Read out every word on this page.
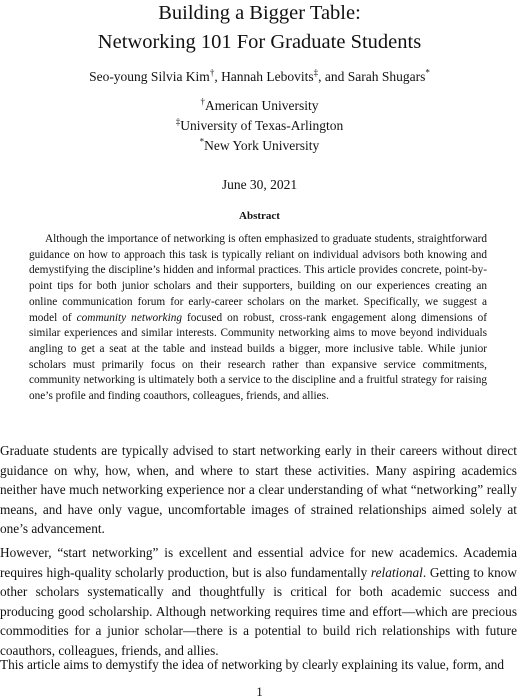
Building a Bigger Table:
Networking 101 For Graduate Students
Seo-young Silvia Kim†, Hannah Lebovits‡, and Sarah Shugars*
†American University
‡University of Texas-Arlington
*New York University
June 30, 2021
Abstract

Although the importance of networking is often emphasized to graduate students, straightforward guidance on how to approach this task is typically reliant on individual advisors both knowing and demystifying the discipline’s hidden and informal practices. This article provides concrete, point-by-point tips for both junior scholars and their supporters, building on our experiences creating an online communication forum for early-career scholars on the market. Specifically, we suggest a model of community networking focused on robust, cross-rank engagement along dimensions of similar experiences and similar interests. Community networking aims to move beyond individuals angling to get a seat at the table and instead builds a bigger, more inclusive table. While junior scholars must primarily focus on their research rather than expansive service commitments, community networking is ultimately both a service to the discipline and a fruitful strategy for raising one’s profile and finding coauthors, colleagues, friends, and allies.

Graduate students are typically advised to start networking early in their careers without direct guidance on why, how, when, and where to start these activities. Many aspiring academics neither have much networking experience nor a clear understanding of what “networking” really means, and have only vague, uncomfortable images of strained relationships aimed solely at one’s advancement.

However, “start networking” is excellent and essential advice for new academics. Academia requires high-quality scholarly production, but is also fundamentally relational. Getting to know other scholars systematically and thoughtfully is critical for both academic success and producing good scholarship. Although networking requires time and effort—which are precious commodities for a junior scholar—there is a potential to build rich relationships with future coauthors, colleagues, friends, and allies.

This article aims to demystify the idea of networking by clearly explaining its value, form, and

1
